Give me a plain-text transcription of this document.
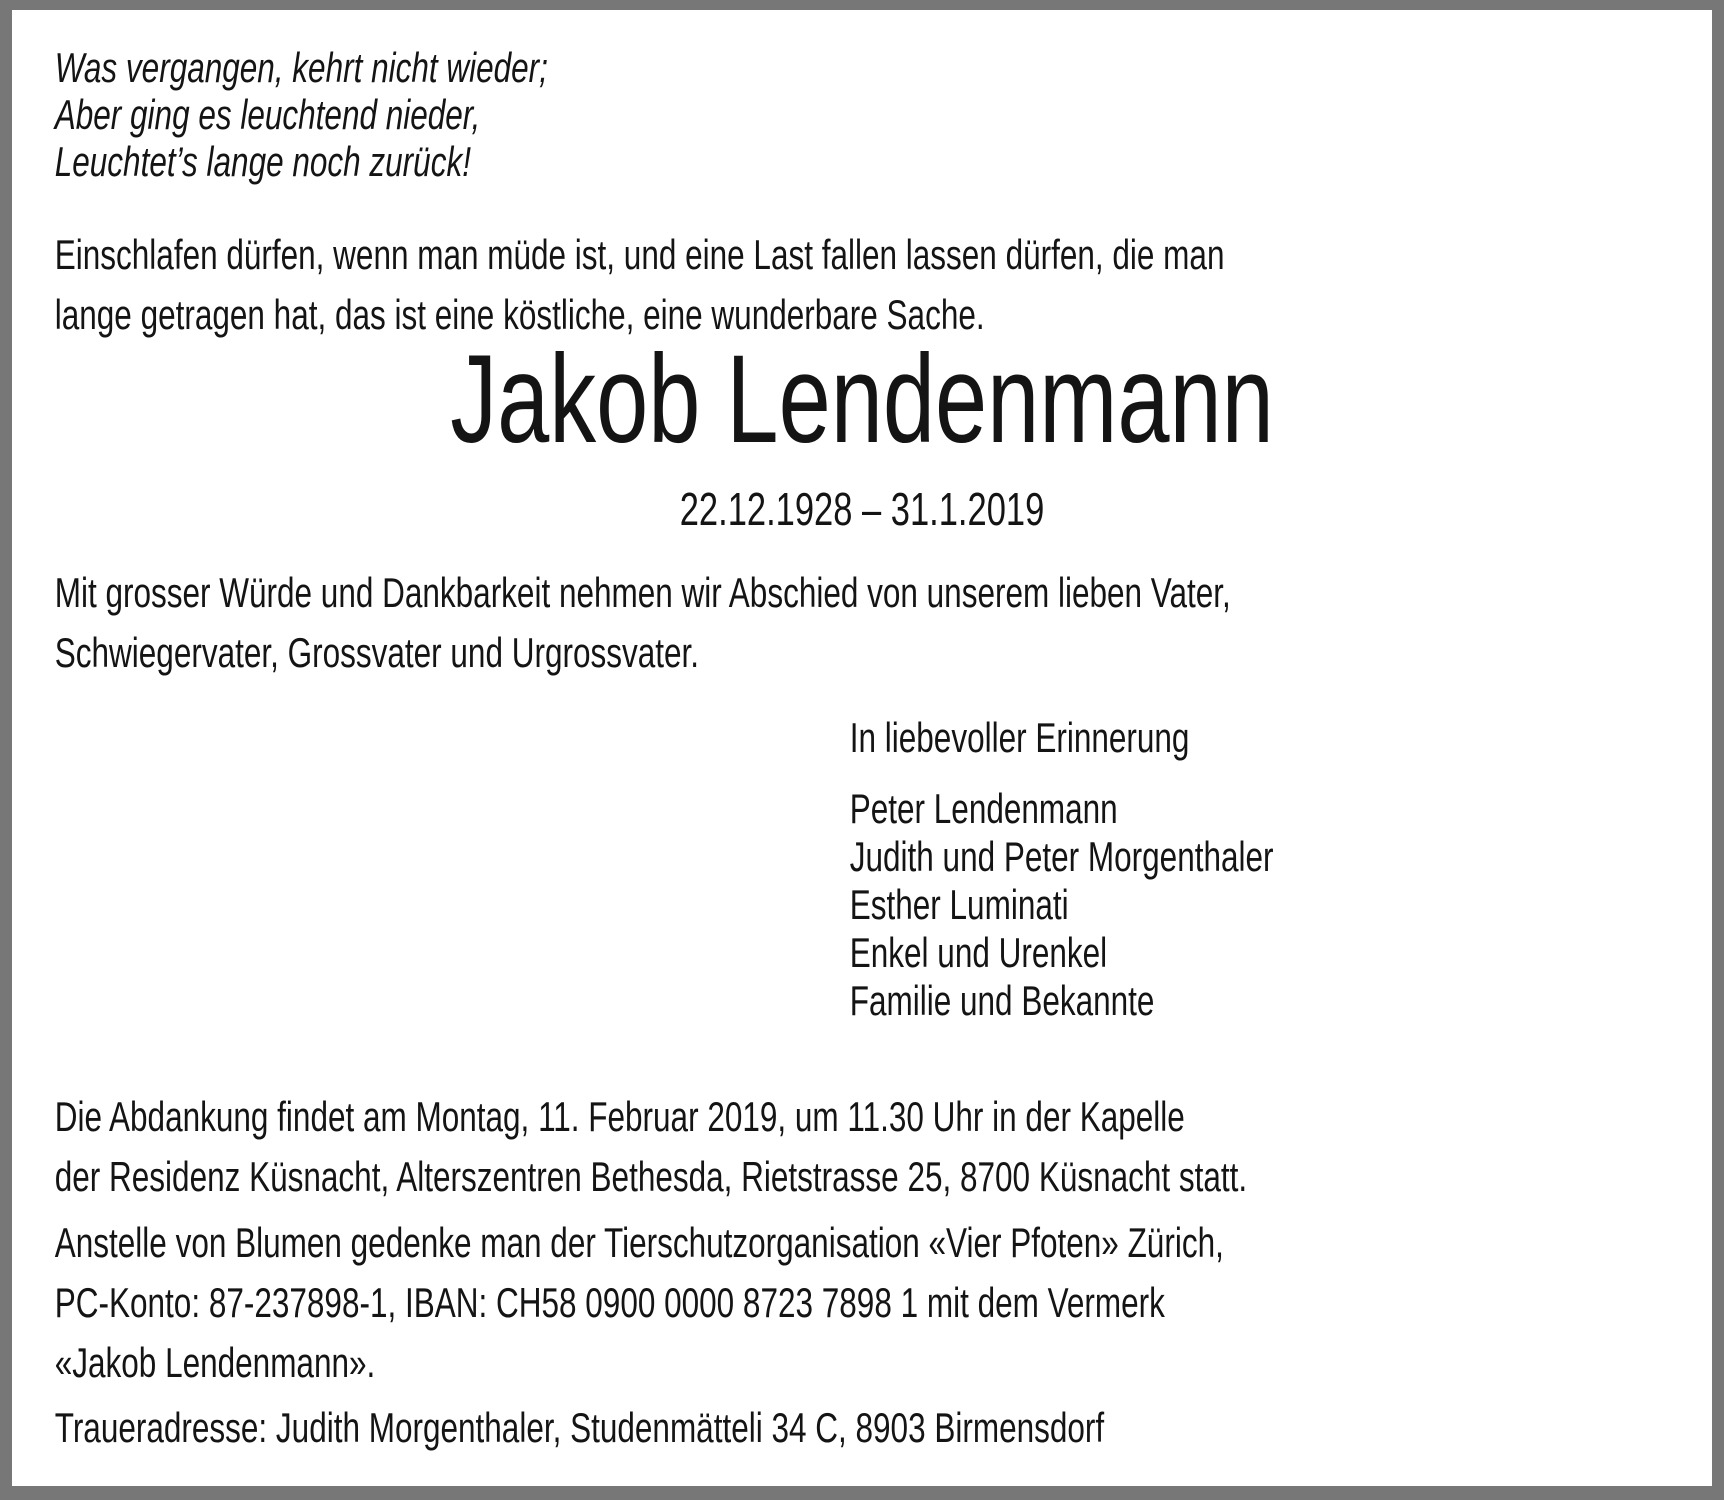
Was vergangen, kehrt nicht wieder;
Aber ging es leuchtend nieder,
Leuchtet’s lange noch zurück!
Einschlafen dürfen, wenn man müde ist, und eine Last fallen lassen dürfen, die man
lange getragen hat, das ist eine köstliche, eine wunderbare Sache.
Jakob Lendenmann
22.12.1928 – 31.1.2019
Mit grosser Würde und Dankbarkeit nehmen wir Abschied von unserem lieben Vater,
Schwiegervater, Grossvater und Urgrossvater.
In liebevoller Erinnerung
Peter Lendenmann
Judith und Peter Morgenthaler
Esther Luminati
Enkel und Urenkel
Familie und Bekannte
Die Abdankung findet am Montag, 11. Februar 2019, um 11.30 Uhr in der Kapelle
der Residenz Küsnacht, Alterszentren Bethesda, Rietstrasse 25, 8700 Küsnacht statt.
Anstelle von Blumen gedenke man der Tierschutzorganisation «Vier Pfoten» Zürich,
PC-Konto: 87-237898-1, IBAN: CH58 0900 0000 8723 7898 1 mit dem Vermerk
«Jakob Lendenmann».
Traueradresse: Judith Morgenthaler, Studenmätteli 34 C, 8903 Birmensdorf
